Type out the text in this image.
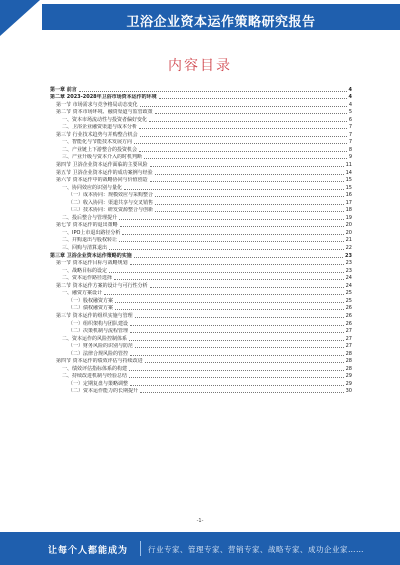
卫浴企业资本运作策略研究报告
内容目录
第一章 前言	4
第二章 2023-2028年卫浴市场资本运作的环境	4
第一节 市场需求与竞争格局动态变化	4
第二节 资本市场环境、融资渠道与监管政策	5
一、资本市场流动性与投资者偏好变化	6
二、卫浴企业融资渠道与成本分析	7
第三节 行业技术趋势与并购整合机会	7
一、智能化与节能技术发展方向	7
二、产业链上下游整合的投资机会	8
三、产业升级与资本介入的时机判断	9
第四节 卫浴企业资本运作面临的主要风险	11
第五节 卫浴企业资本运作的成功案例与经验	14
第六节 资本运作中的战略协同与价值创造	15
一、协同效应的识别与量化	15
（一）成本协同：规模效应与采购整合	16
（二）收入协同：渠道共享与交叉销售	17
（三）技术协同：研发资源整合与创新	18
二、投后整合与管理提升	19
第七节 资本运作的退出策略	20
一、IPO上市退出路径分析	20
二、并购退出与股权转让	21
三、回购与清算退出	22
第三章 卫浴企业资本运作策略的实施	23
第一节 资本运作目标与战略规划	23
一、战略目标的设定	23
二、资本运作路径选择	24
第二节 资本运作方案的设计与可行性分析	24
一、融资方案设计	25
（一）股权融资方案	25
（二）债权融资方案	26
第三节 资本运作的组织实施与管理	26
（一）组织架构与团队建设	26
（二）决策机制与流程管理	27
二、资本运作的风险控制体系	27
（一）财务风险的识别与防范	27
（二）法律合规风险的管控	28
第四节 资本运作的绩效评估与持续改进	28
一、绩效评估指标体系的构建	28
二、持续改进机制与经验总结	29
（一）定期复盘与策略调整	29
（二）资本运作能力的长期提升	30
-1-
让每个人都能成为	行业专家、管理专家、营销专家、战略专家、成功企业家……
